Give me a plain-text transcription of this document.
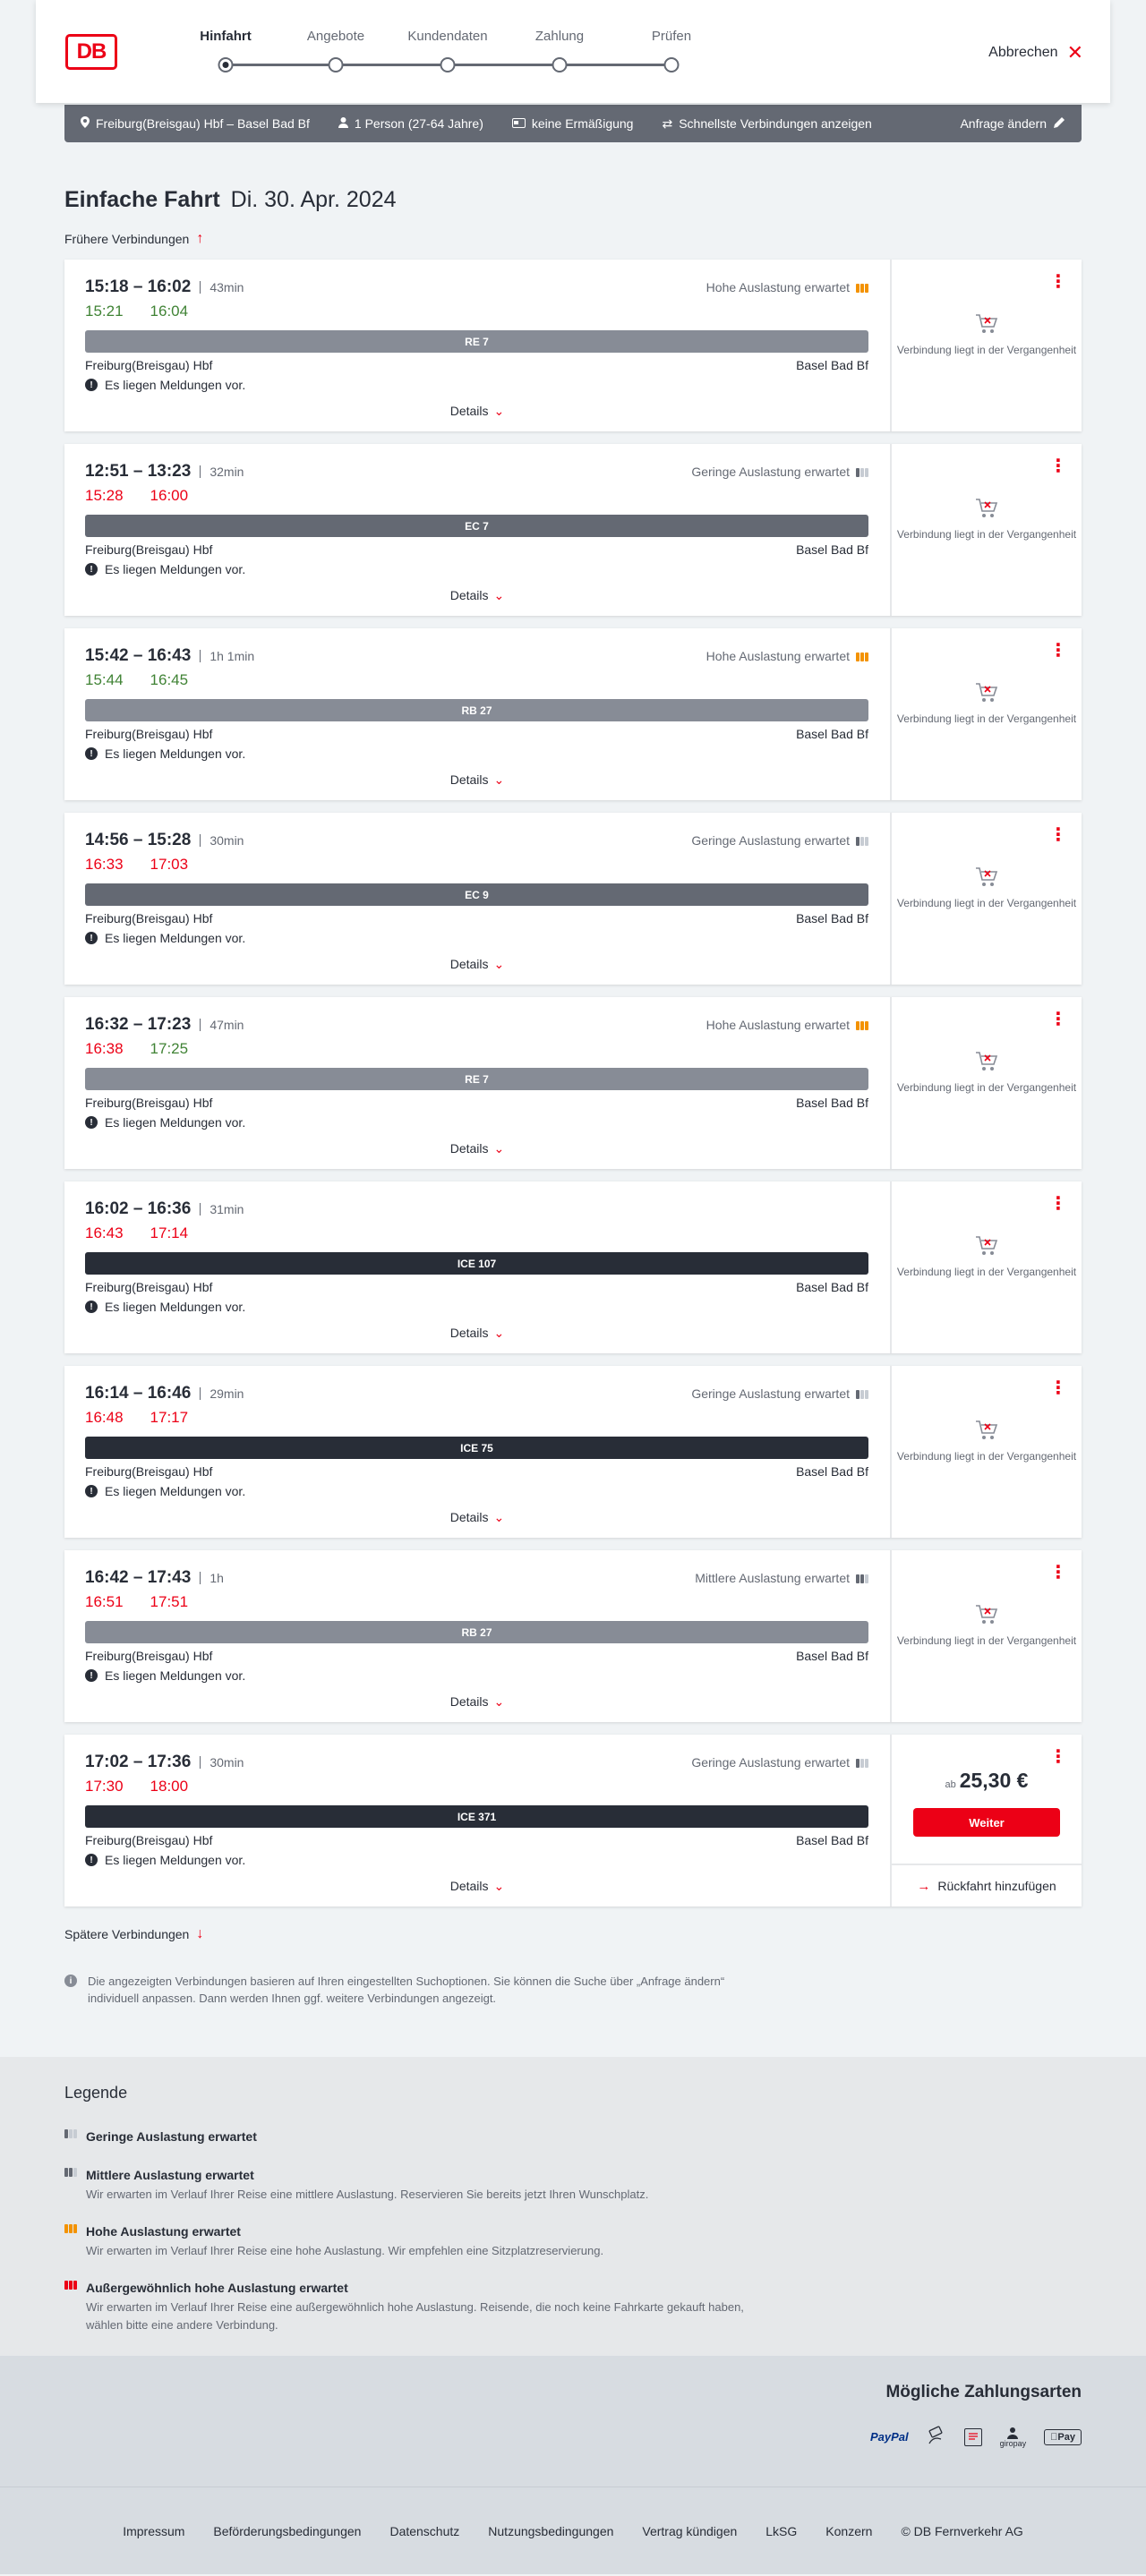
DB
Hinfahrt	Angebote	Kundendaten	Zahlung	Prüfen
Abbrechen ✕
Freiburg(Breisgau) Hbf – Basel Bad Bf	1 Person (27-64 Jahre)	keine Ermäßigung ⇄ Schnellste Verbindungen anzeigen	Anfrage ändern
Einfache Fahrt Di. 30. Apr. 2024
Frühere Verbindungen ↑
15:18 – 16:02	43min	Hohe Auslastung erwartet
15:21 16:04
RE 7
Freiburg(Breisgau) Hbf	Basel Bad Bf
! Es liegen Meldungen vor.
Details ⌄
⋮
Verbindung liegt in der Vergangenheit
12:51 – 13:23	32min	Geringe Auslastung erwartet
15:28 16:00
EC 7
Freiburg(Breisgau) Hbf	Basel Bad Bf
! Es liegen Meldungen vor.
Details ⌄
⋮
Verbindung liegt in der Vergangenheit
15:42 – 16:43	1h 1min	Hohe Auslastung erwartet
15:44 16:45
RB 27
Freiburg(Breisgau) Hbf	Basel Bad Bf
! Es liegen Meldungen vor.
Details ⌄
⋮
Verbindung liegt in der Vergangenheit
14:56 – 15:28	30min	Geringe Auslastung erwartet
16:33 17:03
EC 9
Freiburg(Breisgau) Hbf	Basel Bad Bf
! Es liegen Meldungen vor.
Details ⌄
⋮
Verbindung liegt in der Vergangenheit
16:32 – 17:23	47min	Hohe Auslastung erwartet
16:38 17:25
RE 7
Freiburg(Breisgau) Hbf	Basel Bad Bf
! Es liegen Meldungen vor.
Details ⌄
⋮
Verbindung liegt in der Vergangenheit
16:02 – 16:36	31min
16:43 17:14
ICE 107
Freiburg(Breisgau) Hbf	Basel Bad Bf
! Es liegen Meldungen vor.
Details ⌄
⋮
Verbindung liegt in der Vergangenheit
16:14 – 16:46	29min	Geringe Auslastung erwartet
16:48 17:17
ICE 75
Freiburg(Breisgau) Hbf	Basel Bad Bf
! Es liegen Meldungen vor.
Details ⌄
⋮
Verbindung liegt in der Vergangenheit
16:42 – 17:43	1h	Mittlere Auslastung erwartet
16:51 17:51
RB 27
Freiburg(Breisgau) Hbf	Basel Bad Bf
! Es liegen Meldungen vor.
Details ⌄
⋮
Verbindung liegt in der Vergangenheit
17:02 – 17:36	30min	Geringe Auslastung erwartet
17:30 18:00
ICE 371
Freiburg(Breisgau) Hbf	Basel Bad Bf
! Es liegen Meldungen vor.
Details ⌄
⋮
ab 25,30 €
Weiter
→ Rückfahrt hinzufügen
Spätere Verbindungen ↓
i	Die angezeigten Verbindungen basieren auf Ihren eingestellten Suchoptionen. Sie können die Suche über „Anfrage ändern“ individuell anpassen. Dann werden Ihnen ggf. weitere Verbindungen angezeigt.
Legende
Geringe Auslastung erwartet
Mittlere Auslastung erwartet
Wir erwarten im Verlauf Ihrer Reise eine mittlere Auslastung. Reservieren Sie bereits jetzt Ihren Wunschplatz.
Hohe Auslastung erwartet
Wir erwarten im Verlauf Ihrer Reise eine hohe Auslastung. Wir empfehlen eine Sitzplatzreservierung.
Außergewöhnlich hohe Auslastung erwartet
Wir erwarten im Verlauf Ihrer Reise eine außergewöhnlich hohe Auslastung. Reisende, die noch keine Fahrkarte gekauft haben, wählen bitte eine andere Verbindung.
Mögliche Zahlungsarten
PayPal	giropay
Pay
Impressum Beförderungsbedingungen Datenschutz Nutzungsbedingungen Vertrag kündigen LkSG Konzern © DB Fernverkehr AG
